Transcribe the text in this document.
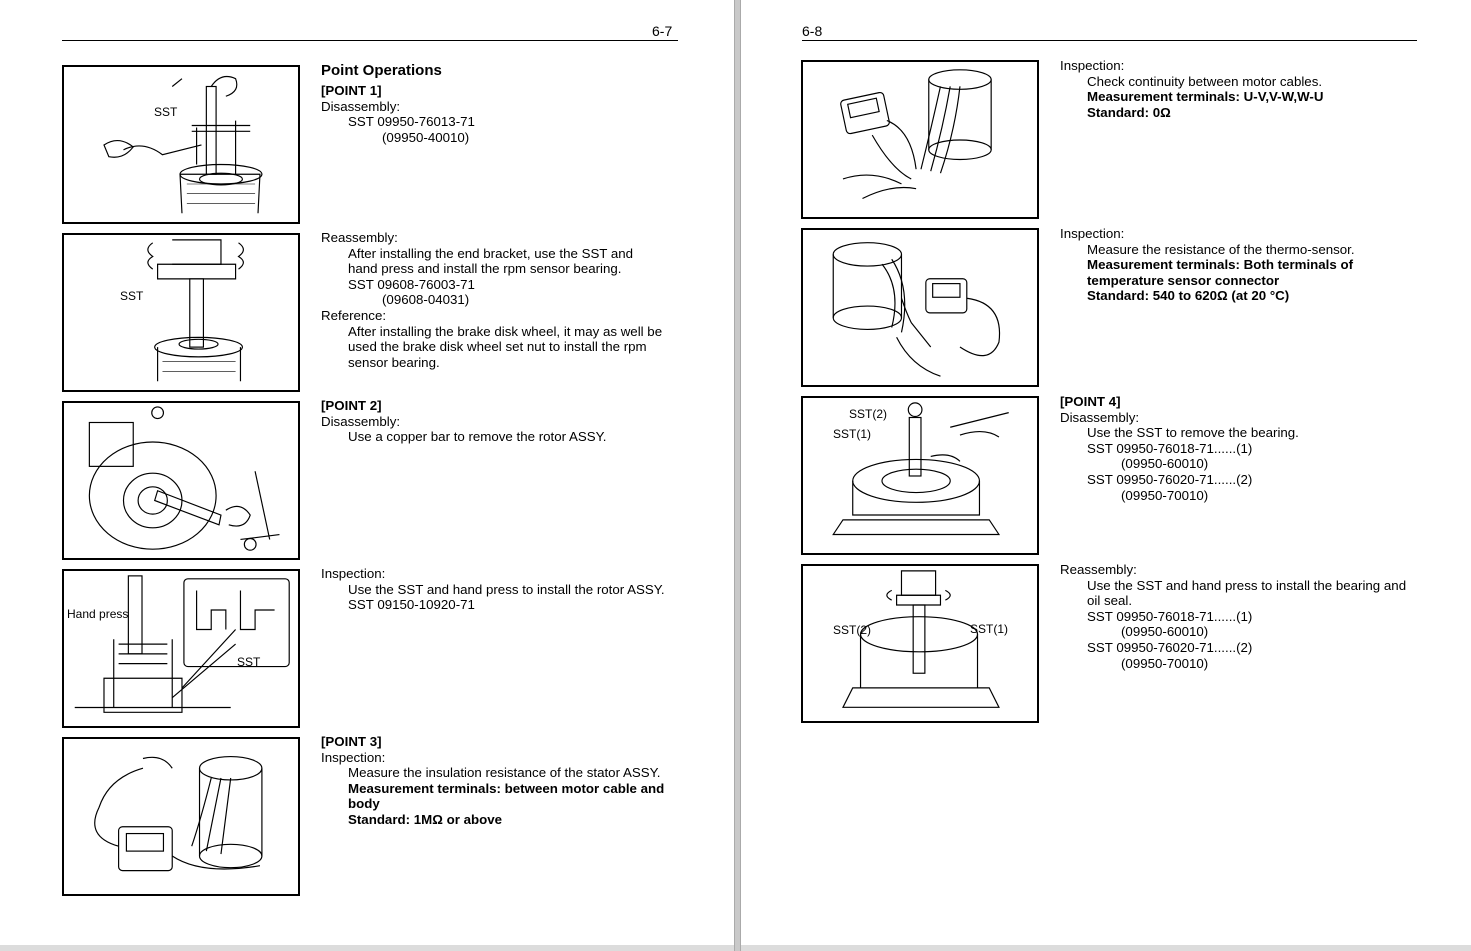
6-7
SST
SST
Hand press
SST
Point Operations
[POINT 1]
Disassembly:
SST 09950-76013-71
(09950-40010)
Reassembly:
After installing the end bracket, use the SST and hand press and install the rpm sensor bearing.
SST 09608-76003-71
(09608-04031)
Reference:
After installing the brake disk wheel, it may as well be used the brake disk wheel set nut to install the rpm sensor bearing.
[POINT 2]
Disassembly:
Use a copper bar to remove the rotor ASSY.
Inspection:
Use the SST and hand press to install the rotor ASSY.
SST 09150-10920-71
[POINT 3]
Inspection:
Measure the insulation resistance of the stator ASSY.
Measurement terminals: between motor cable and body
Standard: 1MΩ or above
6-8
SST(2)
SST(1)
SST(2)	SST(1)
Inspection:
Check continuity between motor cables.
Measurement terminals: U-V,V-W,W-U
Standard: 0Ω
Inspection:
Measure the resistance of the thermo-sensor.
Measurement terminals: Both terminals of temperature sensor connector
Standard: 540 to 620Ω (at 20 °C)
[POINT 4]
Disassembly:
Use the SST to remove the bearing.
SST 09950-76018-71......(1)
(09950-60010)
SST 09950-76020-71......(2)
(09950-70010)
Reassembly:
Use the SST and hand press to install the bearing and oil seal.
SST 09950-76018-71......(1)
(09950-60010)
SST 09950-76020-71......(2)
(09950-70010)
